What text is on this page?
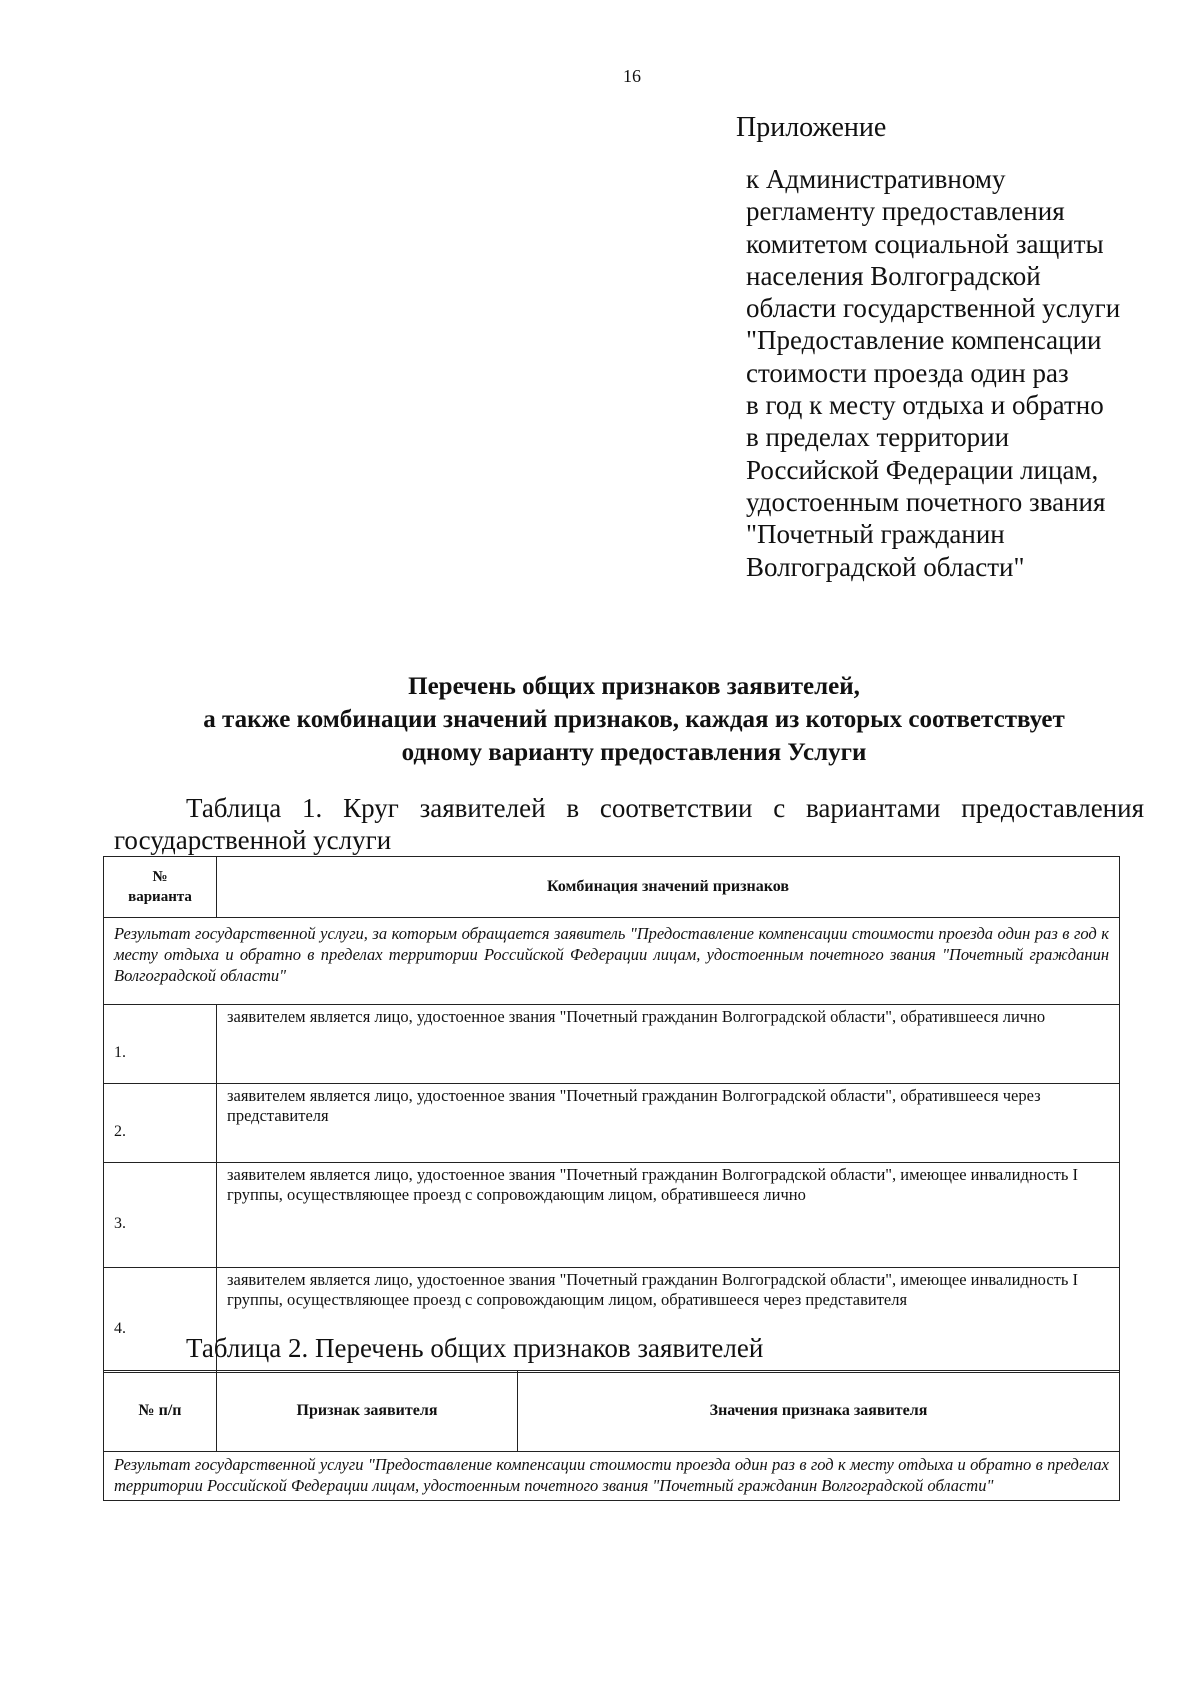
16
Приложение
к Административному
регламенту предоставления
комитетом социальной защиты
населения Волгоградской
области государственной услуги
"Предоставление компенсации
стоимости проезда один раз
в год к месту отдыха и обратно
в пределах территории
Российской Федерации лицам,
удостоенным почетного звания
"Почетный гражданин
Волгоградской области"
Перечень общих признаков заявителей,
а также комбинации значений признаков, каждая из которых соответствует
одному варианту предоставления Услуги
Таблица 1. Круг заявителей в соответствии с вариантами предоставления
государственной услуги
№
варианта	Комбинация значений признаков
Результат государственной услуги, за которым обращается заявитель "Предоставление компенсации стоимости проезда один раз в год к месту отдыха и обратно в пределах территории Российской Федерации лицам, удостоенным почетного звания "Почетный гражданин Волгоградской области"	
1.	заявителем является лицо, удостоенное звания "Почетный гражданин Волгоградской области", обратившееся лично
2.	заявителем является лицо, удостоенное звания "Почетный гражданин Волгоградской области", обратившееся через представителя
3.	заявителем является лицо, удостоенное звания "Почетный гражданин Волгоградской области", имеющее инвалидность I группы, осуществляющее проезд с сопровождающим лицом, обратившееся лично
4.	заявителем является лицо, удостоенное звания "Почетный гражданин Волгоградской области", имеющее инвалидность I группы, осуществляющее проезд с сопровождающим лицом, обратившееся через представителя
Таблица 2. Перечень общих признаков заявителей
№ п/п	Признак заявителя	Значения признака заявителя
Результат государственной услуги "Предоставление компенсации стоимости проезда один раз в год к месту отдыха и обратно в пределах территории Российской Федерации лицам, удостоенным почетного звания "Почетный гражданин Волгоградской области"
